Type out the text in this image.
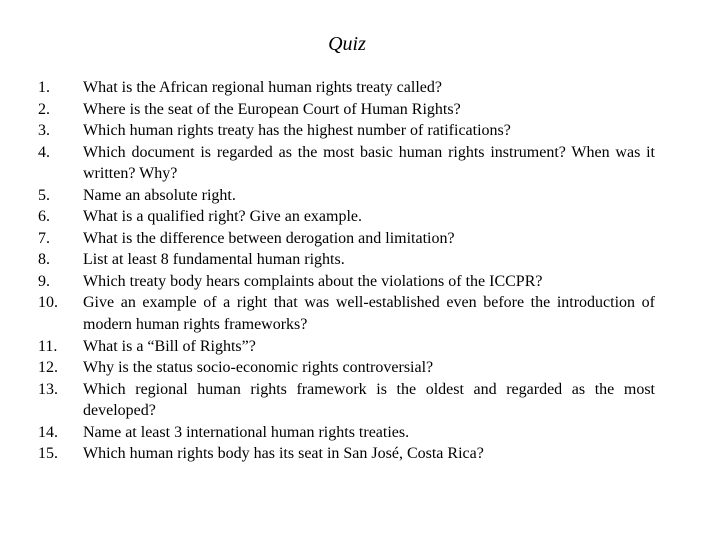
Quiz
1.	What is the African regional human rights treaty called?
2.	Where is the seat of the European Court of Human Rights?
3.	Which human rights treaty has the highest number of ratifications?
4.	Which document is regarded as the most basic human rights instrument? When was it written? Why?
5.	Name an absolute right.
6.	What is a qualified right? Give an example.
7.	What is the difference between derogation and limitation?
8.	List at least 8 fundamental human rights.
9.	Which treaty body hears complaints about the violations of the ICCPR?
10.	Give an example of a right that was well-established even before the introduction of modern human rights frameworks?
11.	What is a “Bill of Rights”?
12.	Why is the status socio-economic rights controversial?
13.	Which regional human rights framework is the oldest and regarded as the most developed?
14.	Name at least 3 international human rights treaties.
15.	Which human rights body has its seat in San José, Costa Rica?
